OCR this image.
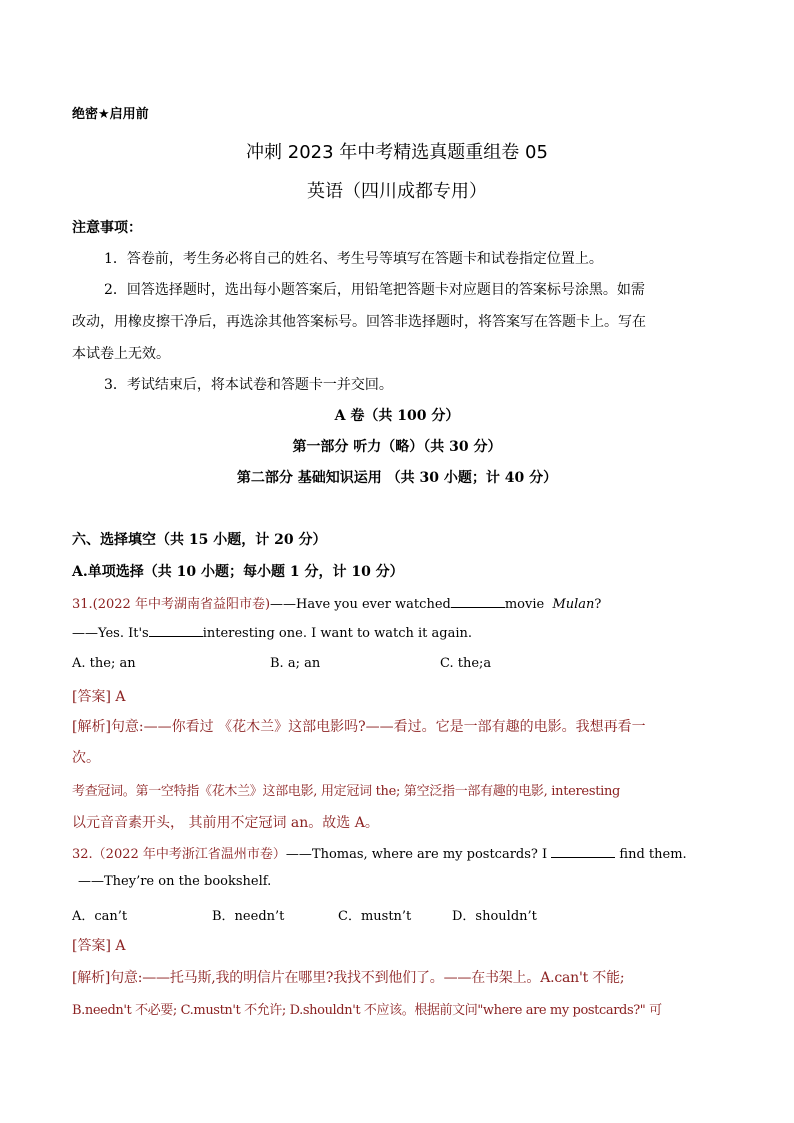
绝密★启用前
冲刺 2023 年中考精选真题重组卷 05
英语（四川成都专用）
注意事项：
1．答卷前，考生务必将自己的姓名、考生号等填写在答题卡和试卷指定位置上。
2．回答选择题时，选出每小题答案后，用铅笔把答题卡对应题目的答案标号涂黑。如需
改动，用橡皮擦干净后，再选涂其他答案标号。回答非选择题时，将答案写在答题卡上。写在
本试卷上无效。
3．考试结束后，将本试卷和答题卡一并交回。
A 卷（共 100 分）
第一部分 听力（略）（共 30 分）
第二部分 基础知识运用 （共 30 小题；计 40 分）
六、选择填空（共 15 小题，计 20 分）
A.单项选择（共 10 小题；每小题 1 分，计 10 分）
31.(2022 年中考湖南省益阳市卷)——Have you ever watched	movie Mulan?
——Yes. It's	interesting one. I want to watch it again.
A. the; an	B. a; an	C. the;a
[答案] A
[解析]句意:——你看过 《花木兰》这部电影吗?——看过。它是一部有趣的电影。我想再看一
次。
考查冠词。第一空特指《花木兰》这部电影, 用定冠词 the; 第空泛指一部有趣的电影, interesting
以元音音素开头， 其前用不定冠词 an。故选 A。
32.（2022 年中考浙江省温州市卷）——Thomas, where are my postcards? I	find them.
——They’re on the bookshelf.
A．can’t	B．needn’t	C．mustn’t	D．shouldn’t
[答案] A
[解析]句意:——托马斯,我的明信片在哪里?我找不到他们了。——在书架上。A.can't 不能;
B.needn't 不必要; C.mustn't 不允许; D.shouldn't 不应该。根据前文问"where are my postcards?" 可
